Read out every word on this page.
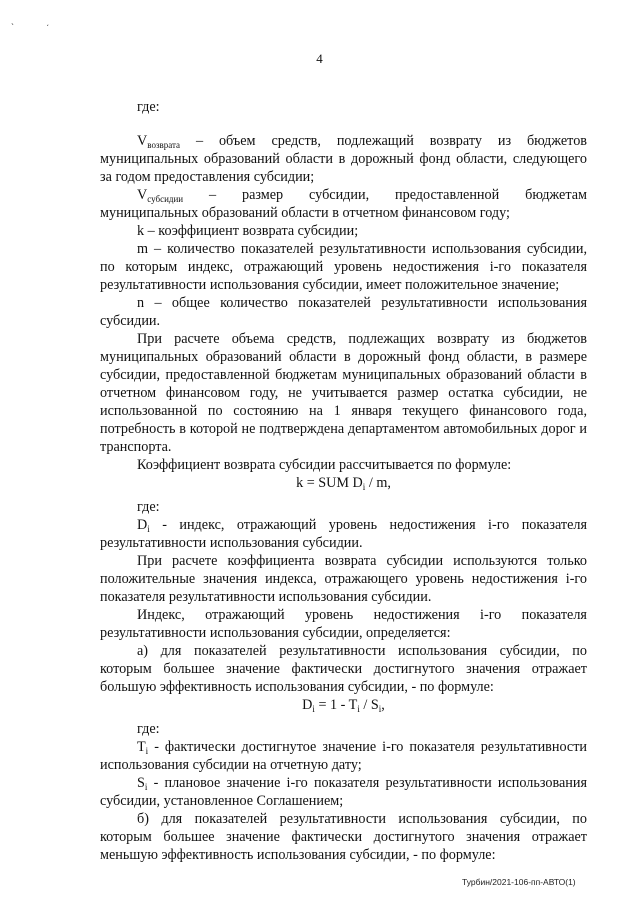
˴	ˏ
4

где:

$V_{возврата}$ – объем средств, подлежащий возврату из бюджетов муниципальных образований области в дорожный фонд области, следующего за годом предоставления субсидии;

$V_{субсидии}$ – размер субсидии, предоставленной бюджетам
муниципальных образований области в отчетном финансовом году;

k – коэффициент возврата субсидии;

m – количество показателей результативности использования субсидии, по которым индекс, отражающий уровень недостижения i-го показателя результативности использования субсидии, имеет положительное значение;

n – общее количество показателей результативности использования субсидии.

При расчете объема средств, подлежащих возврату из бюджетов муниципальных образований области в дорожный фонд области, в размере субсидии, предоставленной бюджетам муниципальных образований области в отчетном финансовом году, не учитывается размер остатка субсидии, не использованной по состоянию на 1 января текущего финансового года, потребность в которой не подтверждена департаментом автомобильных дорог и транспорта.

Коэффициент возврата субсидии рассчитывается по формуле:

k = SUM $D_i$ / m,

где:

$D_i$ - индекс, отражающий уровень недостижения i-го показателя результативности использования субсидии.

При расчете коэффициента возврата субсидии используются только положительные значения индекса, отражающего уровень недостижения i-го показателя результативности использования субсидии.

Индекс, отражающий уровень недостижения i-го показателя
результативности использования субсидии, определяется:

а) для показателей результативности использования субсидии, по которым большее значение фактически достигнутого значения отражает большую эффективность использования субсидии, - по формуле:

$D_i = 1 - T_i / S_i$,

где:

$T_i$ - фактически достигнутое значение i-го показателя результативности использования субсидии на отчетную дату;

$S_i$ - плановое значение i-го показателя результативности использования субсидии, установленное Соглашением;

б) для показателей результативности использования субсидии, по которым большее значение фактически достигнутого значения отражает меньшую эффективность использования субсидии, - по формуле:

Турбин/2021-106-пп-АВТО(1)
